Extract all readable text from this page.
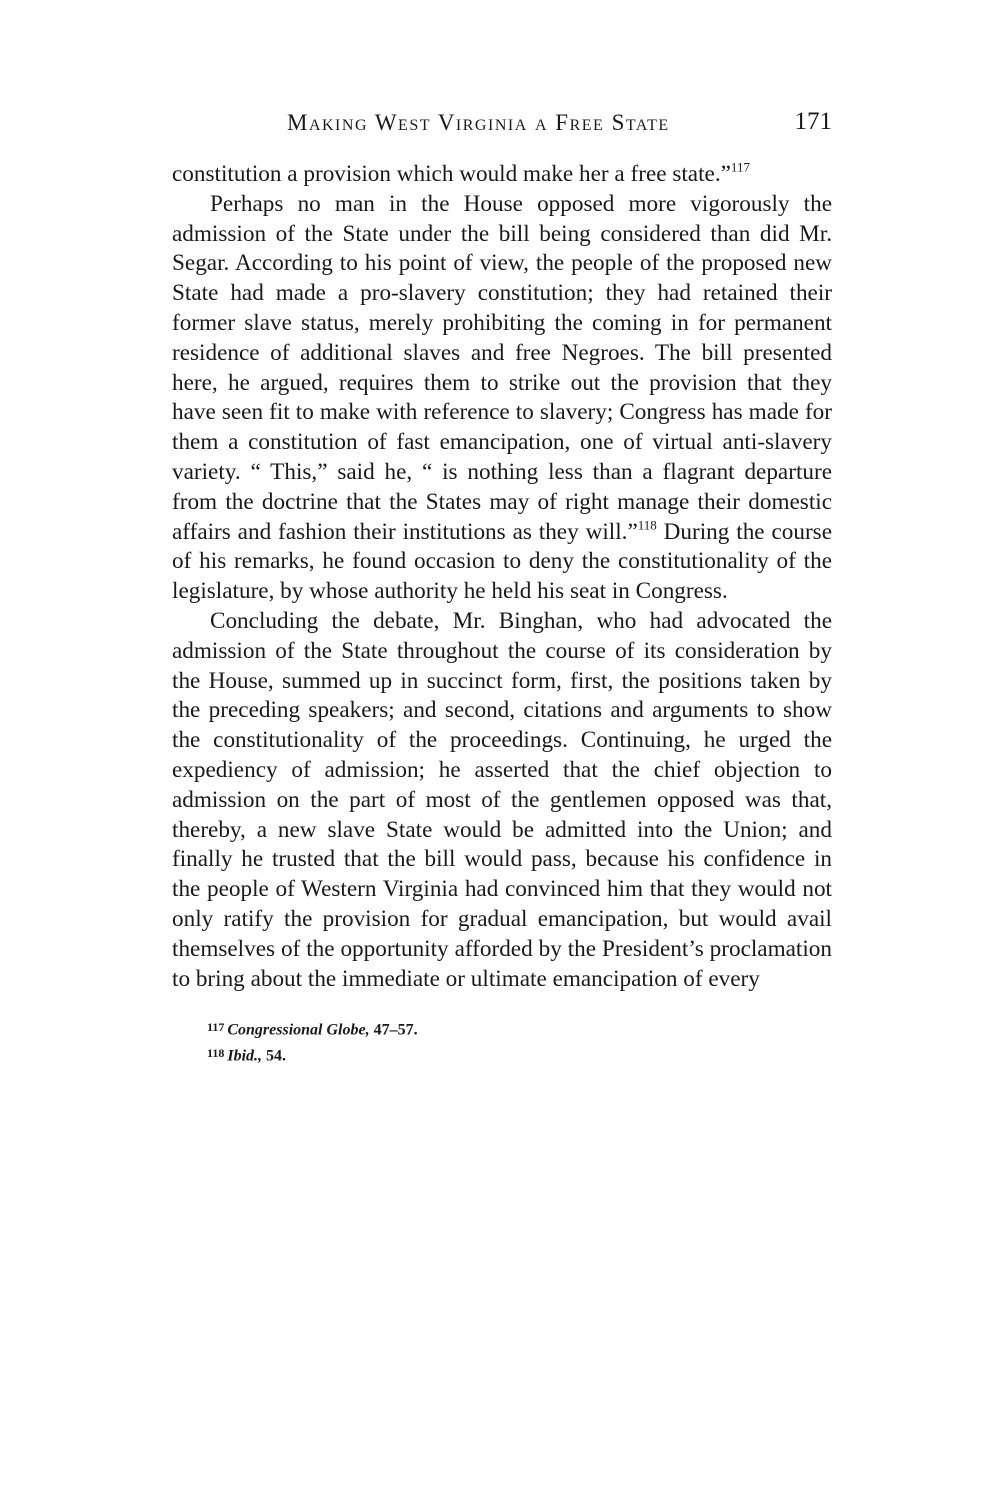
Making West Virginia a Free State	171

constitution a provision which would make her a free state.”$^{117}$

Perhaps no man in the House opposed more vigorously the admission of the State under the bill being considered than did Mr. Segar. According to his point of view, the people of the proposed new State had made a pro-slavery constitution; they had retained their former slave status, merely prohibiting the coming in for permanent residence of additional slaves and free Negroes. The bill presented here, he argued, requires them to strike out the provision that they have seen fit to make with reference to slavery; Congress has made for them a constitution of fast emancipation, one of virtual anti-slavery variety. “ This,” said he, “ is nothing less than a flagrant departure from the doctrine that the States may of right manage their domestic affairs and fashion their institutions as they will.”$^{118}$ During the course of his remarks, he found occasion to deny the constitutionality of the legislature, by whose authority he held his seat in Congress.

Concluding the debate, Mr. Binghan, who had advocated the admission of the State throughout the course of its consideration by the House, summed up in succinct form, first, the positions taken by the preceding speakers; and second, citations and arguments to show the constitutionality of the proceedings. Continuing, he urged the expediency of admission; he asserted that the chief objection to admission on the part of most of the gentlemen opposed was that, thereby, a new slave State would be admitted into the Union; and finally he trusted that the bill would pass, because his confidence in the people of Western Virginia had convinced him that they would not only ratify the provision for gradual emancipation, but would avail themselves of the opportunity afforded by the President’s proclamation to bring about the immediate or ultimate emancipation of every

$^{117}$ Congressional Globe, 47–57.
$^{118}$ Ibid., 54.
